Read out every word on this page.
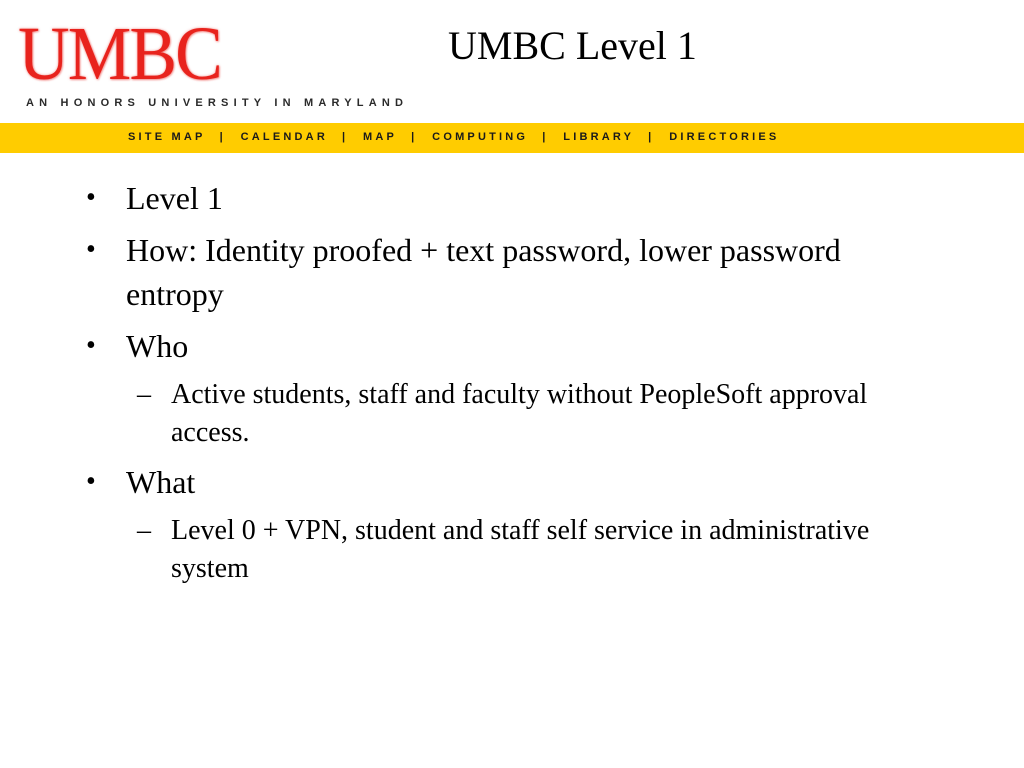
UMBC
AN HONORS UNIVERSITY IN MARYLAND
UMBC Level 1
SITE MAP | CALENDAR | MAP | COMPUTING | LIBRARY | DIRECTORIES
• Level 1
• How: Identity proofed + text password, lower password entropy
• Who
– Active students, staff and faculty without PeopleSoft approval access.
• What
– Level 0 + VPN, student and staff self service in administrative system
